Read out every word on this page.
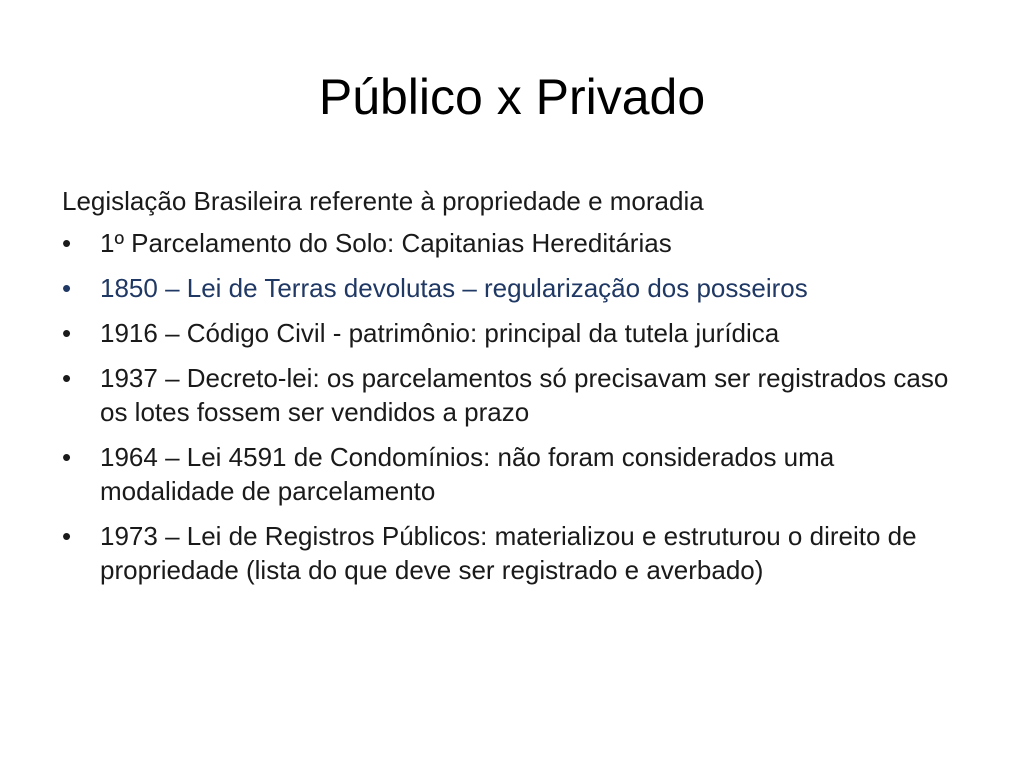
Público x Privado

Legislação Brasileira referente à propriedade e moradia

•	1º Parcelamento do Solo: Capitanias Hereditárias
•	1850 – Lei de Terras devolutas – regularização dos posseiros
•	1916 – Código Civil - patrimônio: principal da tutela jurídica
•	1937 – Decreto-lei: os parcelamentos só precisavam ser registrados caso os lotes fossem ser vendidos a prazo
•	1964 – Lei 4591 de Condomínios: não foram considerados uma modalidade de parcelamento
•	1973 – Lei de Registros Públicos: materializou e estruturou o direito de propriedade (lista do que deve ser registrado e averbado)
